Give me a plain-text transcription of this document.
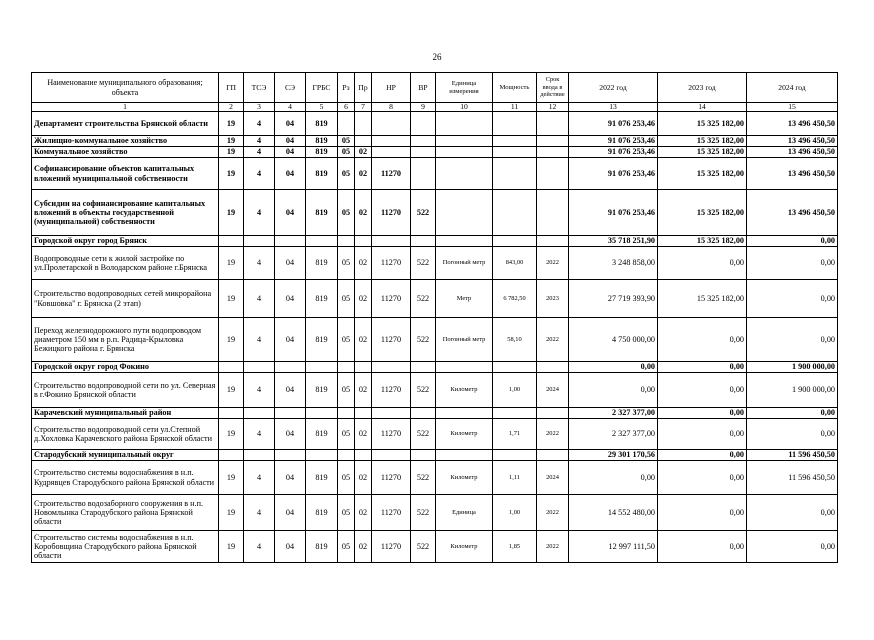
26
Наименование муниципального образования; объекта	ГП	ТСЭ	СЭ	ГРБС	Рз	Пр	НР	ВР	Единица измерения	Мощность	Срок ввода в действие	2022 год	2023 год	2024 год
1	2	3	4	5	6	7	8	9	10	11	12	13	14	15
Департамент строительства Брянской области	19	4	04	819								91 076 253,46	15 325 182,00	13 496 450,50
Жилищно-коммунальное хозяйство	19	4	04	819	05							91 076 253,46	15 325 182,00	13 496 450,50
Коммунальное хозяйство	19	4	04	819	05	02						91 076 253,46	15 325 182,00	13 496 450,50
Софинансирование объектов капитальных вложений муниципальной собственности	19	4	04	819	05	02	11270					91 076 253,46	15 325 182,00	13 496 450,50
Субсидии на софинансирование капитальных вложений в объекты государственной (муниципальной) собственности	19	4	04	819	05	02	11270	522				91 076 253,46	15 325 182,00	13 496 450,50
Городской округ город Брянск												35 718 251,90	15 325 182,00	0,00
Водопроводные сети к жилой застройке по ул.Пролетарской в Володарском районе г.Брянска	19	4	04	819	05	02	11270	522	Погонный метр	843,00	2022	3 248 858,00	0,00	0,00
Строительство водопроводных сетей микрорайона "Ковшовка" г. Брянска (2 этап)	19	4	04	819	05	02	11270	522	Метр	6 782,50	2023	27 719 393,90	15 325 182,00	0,00
Переход железнодорожного пути водопроводом диаметром 150 мм в р.п. Радица-Крыловка Бежицкого района г. Брянска	19	4	04	819	05	02	11270	522	Погонный метр	58,10	2022	4 750 000,00	0,00	0,00
Городской округ город Фокино												0,00	0,00	1 900 000,00
Строительство водопроводной сети по ул. Северная в г.Фокино Брянской области	19	4	04	819	05	02	11270	522	Километр	1,00	2024	0,00	0,00	1 900 000,00
Карачевский муниципальный район												2 327 377,00	0,00	0,00
Строительство водопроводной сети ул.Степной д.Хохловка Карачевского района Брянской области	19	4	04	819	05	02	11270	522	Километр	1,71	2022	2 327 377,00	0,00	0,00
Стародубский муниципальный округ												29 301 170,56	0,00	11 596 450,50
Строительство системы водоснабжения в н.п. Кудрявцев Стародубского района Брянской области	19	4	04	819	05	02	11270	522	Километр	1,11	2024	0,00	0,00	11 596 450,50
Строительство водозаборного сооружения в н.п. Новомлынка Стародубского района Брянской области	19	4	04	819	05	02	11270	522	Единица	1,00	2022	14 552 480,00	0,00	0,00
Строительство системы водоснабжения в н.п. Коробовщина Стародубского района Брянской области	19	4	04	819	05	02	11270	522	Километр	1,85	2022	12 997 111,50	0,00	0,00
